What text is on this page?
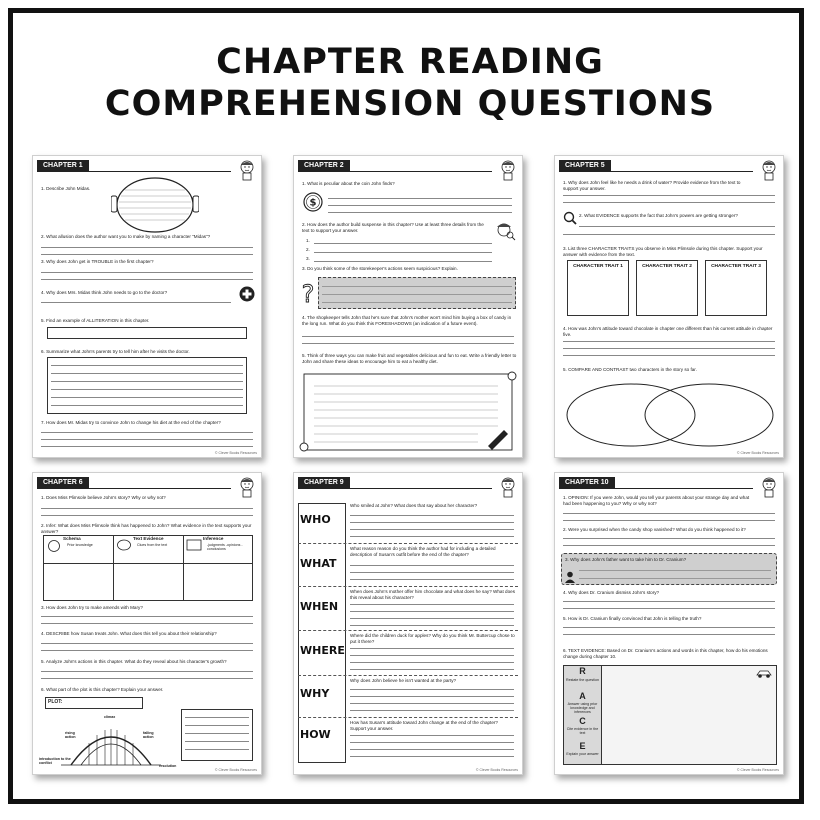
CHAPTER READING
COMPREHENSION QUESTIONS
CHAPTER 1
1. Describe John Midas.
2. What allusion does the author want you to make by naming a character "Midas"?
3. Why does John get in TROUBLE in the first chapter?
4. Why does Mrs. Midas think John needs to go to the doctor?
5. Find an example of ALLITERATION in this chapter.
6. Summarize what John's parents try to tell him after he visits the doctor.
7. How does Mr. Midas try to convince John to change his diet at the end of the chapter?
© Clever Books Resources
CHAPTER 2
1. What is peculiar about the coin John finds?
$
2. How does the author build suspense in this chapter? Use at least three details from the text to support your answer.
1.
2.
3.
3. Do you think some of the storekeeper's actions seem suspicious? Explain.
?
4. The shopkeeper tells John that he's sure that John's mother won't mind him buying a box of candy in the long run. What do you think this FORESHADOWS (an indication of a future event).
5. Think of three ways you can make fruit and vegetables delicious and fun to eat. Write a friendly letter to John and share these ideas to encourage him to eat a healthy diet.
CHAPTER 5
1. Why does John feel like he needs a drink of water? Provide evidence from the text to support your answer.
2. What EVIDENCE supports the fact that John's powers are getting stronger?
3. List three CHARACTER TRAITS you observe in Miss Plimsole during this chapter. Support your answer with evidence from the text.
CHARACTER TRAIT 1	CHARACTER TRAIT 2	CHARACTER TRAIT 3
4. How was John's attitude toward chocolate in chapter one different than his current attitude in chapter five.
5. COMPARE AND CONTRAST two characters in the story so far.
© Clever Books Resources
CHAPTER 6
1. Does Miss Plimsole believe John's story? Why or why not?
2. Infer: What does Miss Plimsole think has happened to John? What evidence in the text supports your answer?
Schema
Prior knowledge
Text Evidence
Clues from the text
Inference
-judgments -opinions -conclusions
3. How does John try to make amends with Mary?
4. DESCRIBE how Susan treats John. What does this tell you about their relationship?
5. Analyze John's actions in this chapter. What do they reveal about his character's growth?
6. What part of the plot is this chapter? Explain your answer.
PLOT:
climax
rising action
falling action
introduction to the conflict
resolution
© Clever Books Resources
CHAPTER 9
WHO
Who smiled at John? What does that say about her character?
WHAT
What reason reason do you think the author had for including a detailed description of Susan's outfit before the end of the chapter?
WHEN
When does John's mother offer him chocolate and what does he say? What does this reveal about his character?
WHERE
Where did the children duck for apples? Why do you think Mr. Buttercup chose to put it there?
WHY
Why does John believe he isn't wanted at the party?
HOW
How has Susan's attitude toward John change at the end of the chapter? Support your answer.
© Clever Books Resources
CHAPTER 10
1. OPINION: If you were John, would you tell your parents about your strange day and what had been happening to you? Why or why not?
2. Were you surprised when the candy shop vanished? What do you think happened to it?
3. Why does John's father want to take him to Dr. Cranium?
4. Why does Dr. Cranium dismiss John's story?
5. How is Dr. Cranium finally convinced that John is telling the truth?
6. TEXT EVIDENCE: Based on Dr. Cranium's actions and words in this chapter, how do his emotions change during chapter 10.
R
Restate the question
A
Answer using prior knowledge and inferences
C
Cite evidence in the text
E
Explain your answer
© Clever Books Resources
